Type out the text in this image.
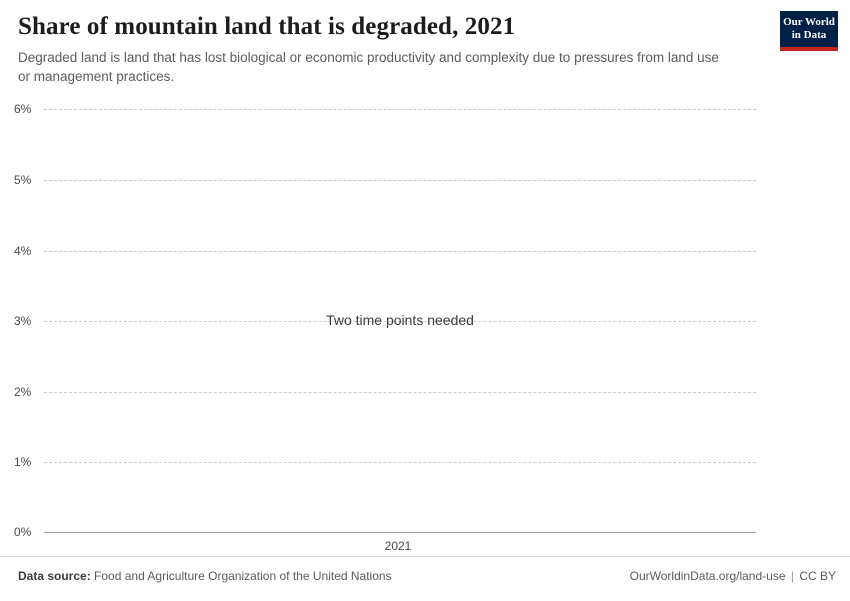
Share of mountain land that is degraded, 2021

Degraded land is land that has lost biological or economic productivity and complexity due to pressures from land use or management practices.

Our World
in Data
6%
5%
4%
3%
2%
1%
0%
2021
Two time points needed
Data source: Food and Agriculture Organization of the United Nations	OurWorldinData.org/land-use | CC BY
